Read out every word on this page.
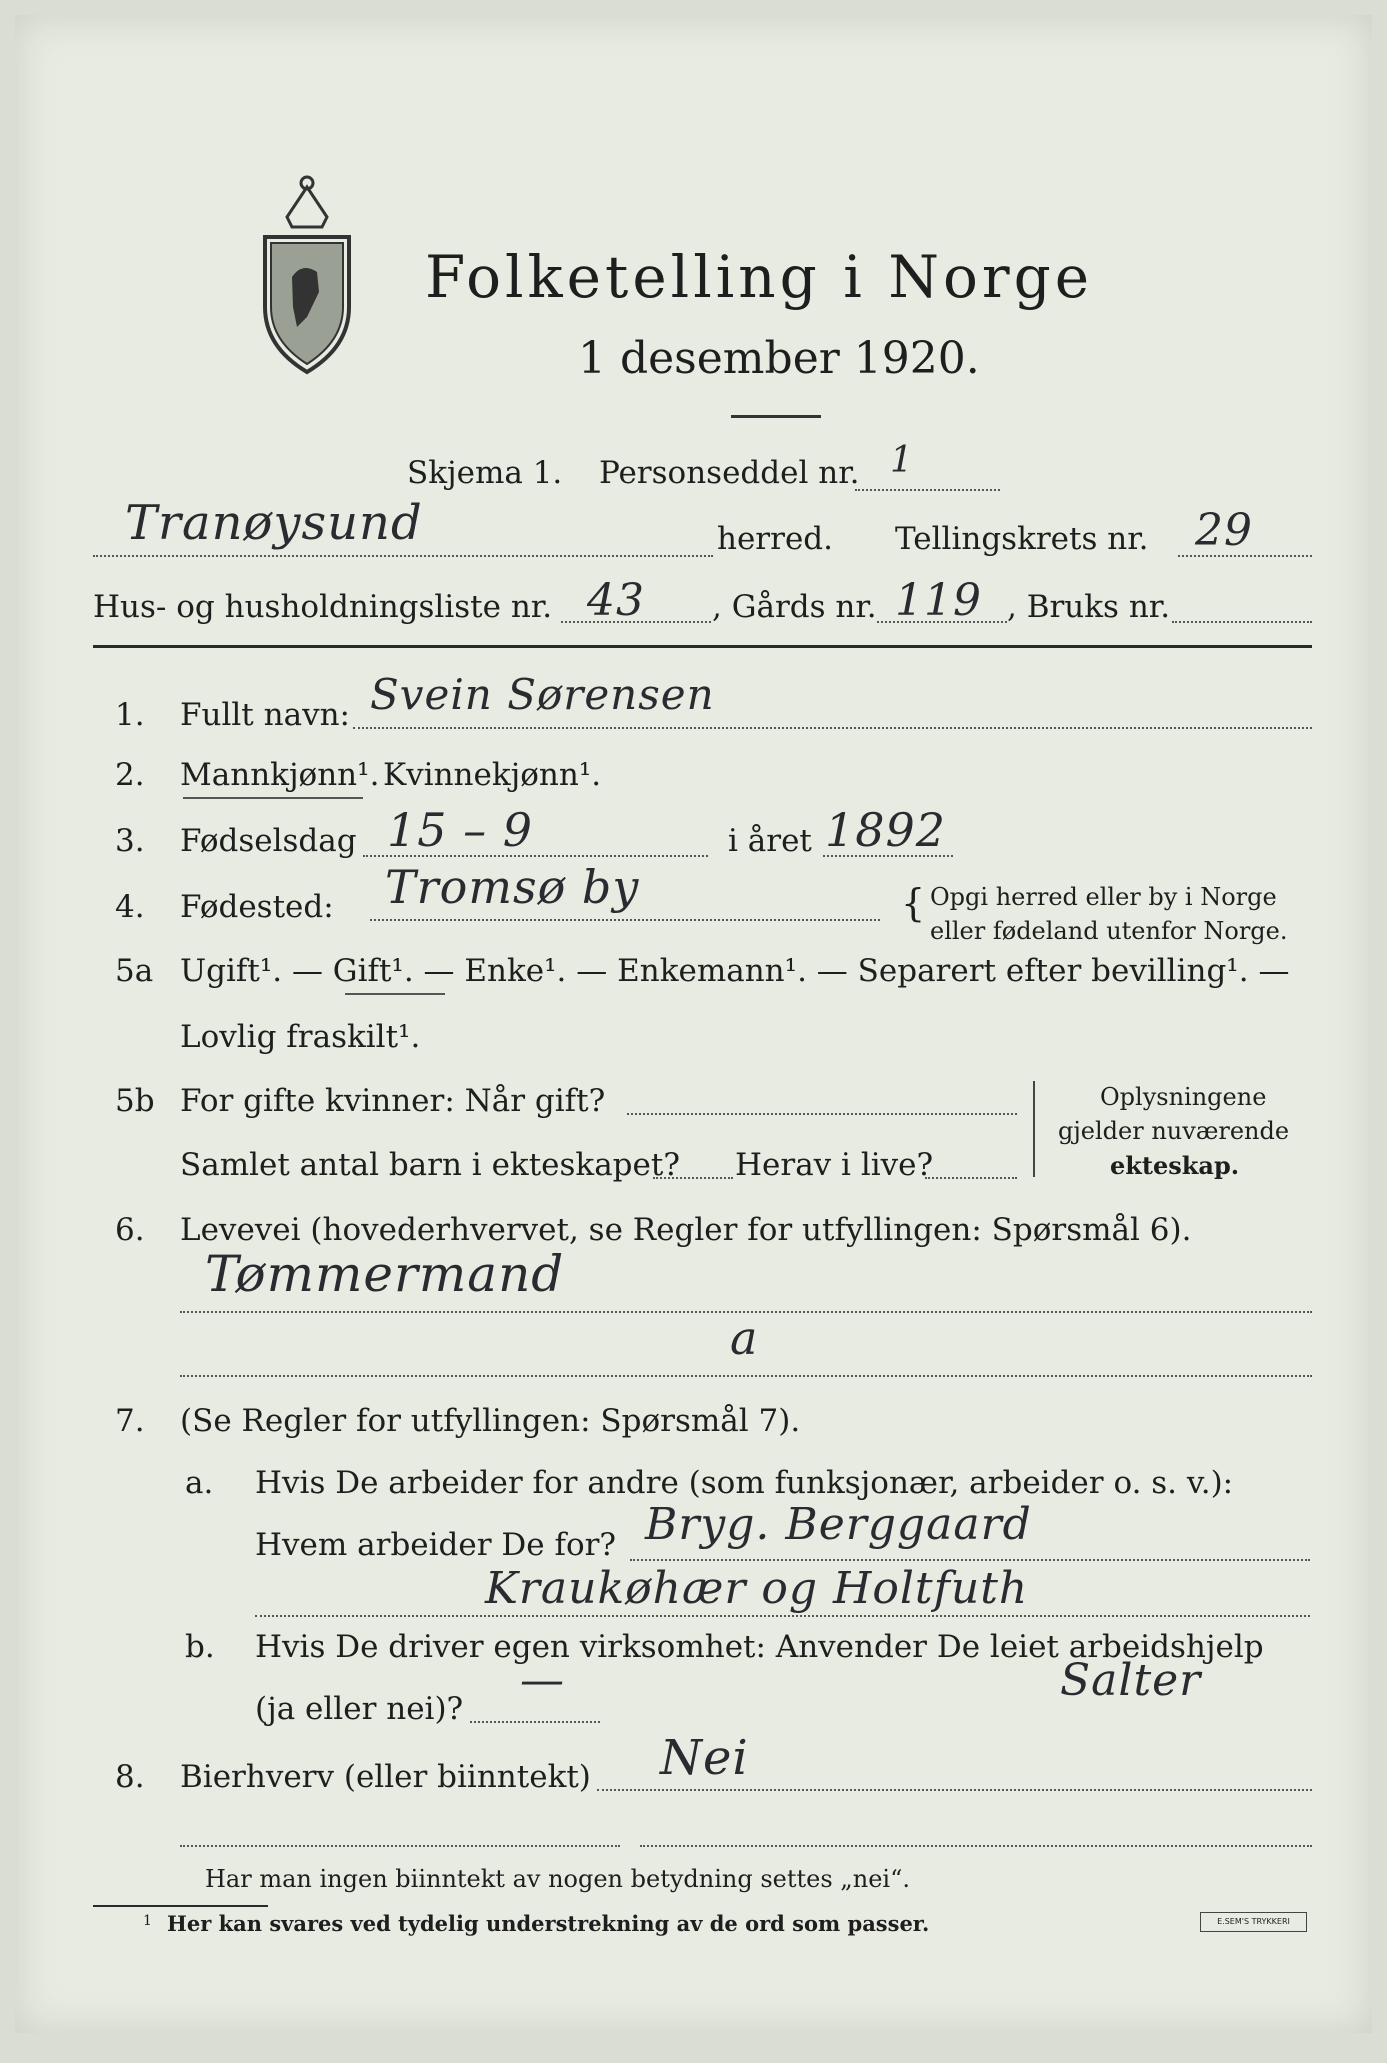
Folketelling i Norge
1 desember 1920.
Skjema 1. Personseddel nr. 1
Tranøysund	herred. Tellingskrets nr. 29
Hus- og husholdningsliste nr. 43 , Gårds nr. 119 , Bruks nr.
1. Fullt navn: Svein Sørensen
2. Mannkjønn¹. Kvinnekjønn¹.
3. Fødselsdag 15 – 9	i året 1892
4. Fødested: Tromsø by	{ Opgi herred eller by i Norge
eller fødeland utenfor Norge.
5a Ugift¹. — Gift¹. — Enke¹. — Enkemann¹. — Separert efter bevilling¹. —
Lovlig fraskilt¹.
5b For gifte kvinner: Når gift?
Samlet antal barn i ekteskapet? Herav i live?
Oplysningene
gjelder nuværende
ekteskap.
6. Levevei (hovederhvervet, se Regler for utfyllingen: Spørsmål 6).
Tømmermand
a
7. (Se Regler for utfyllingen: Spørsmål 7).
a. Hvis De arbeider for andre (som funksjonær, arbeider o. s. v.):
Hvem arbeider De for? Bryg. Berggaard
Kraukøhær og Holtfuth
b. Hvis De driver egen virksomhet: Anvender De leiet arbeidshjelp
(ja eller nei)?
—	Salter
8. Bierhverv (eller biinntekt) Nei
Har man ingen biinntekt av nogen betydning settes „nei“.
1 Her kan svares ved tydelig understrekning av de ord som passer.	E.SEM'S TRYKKERI
